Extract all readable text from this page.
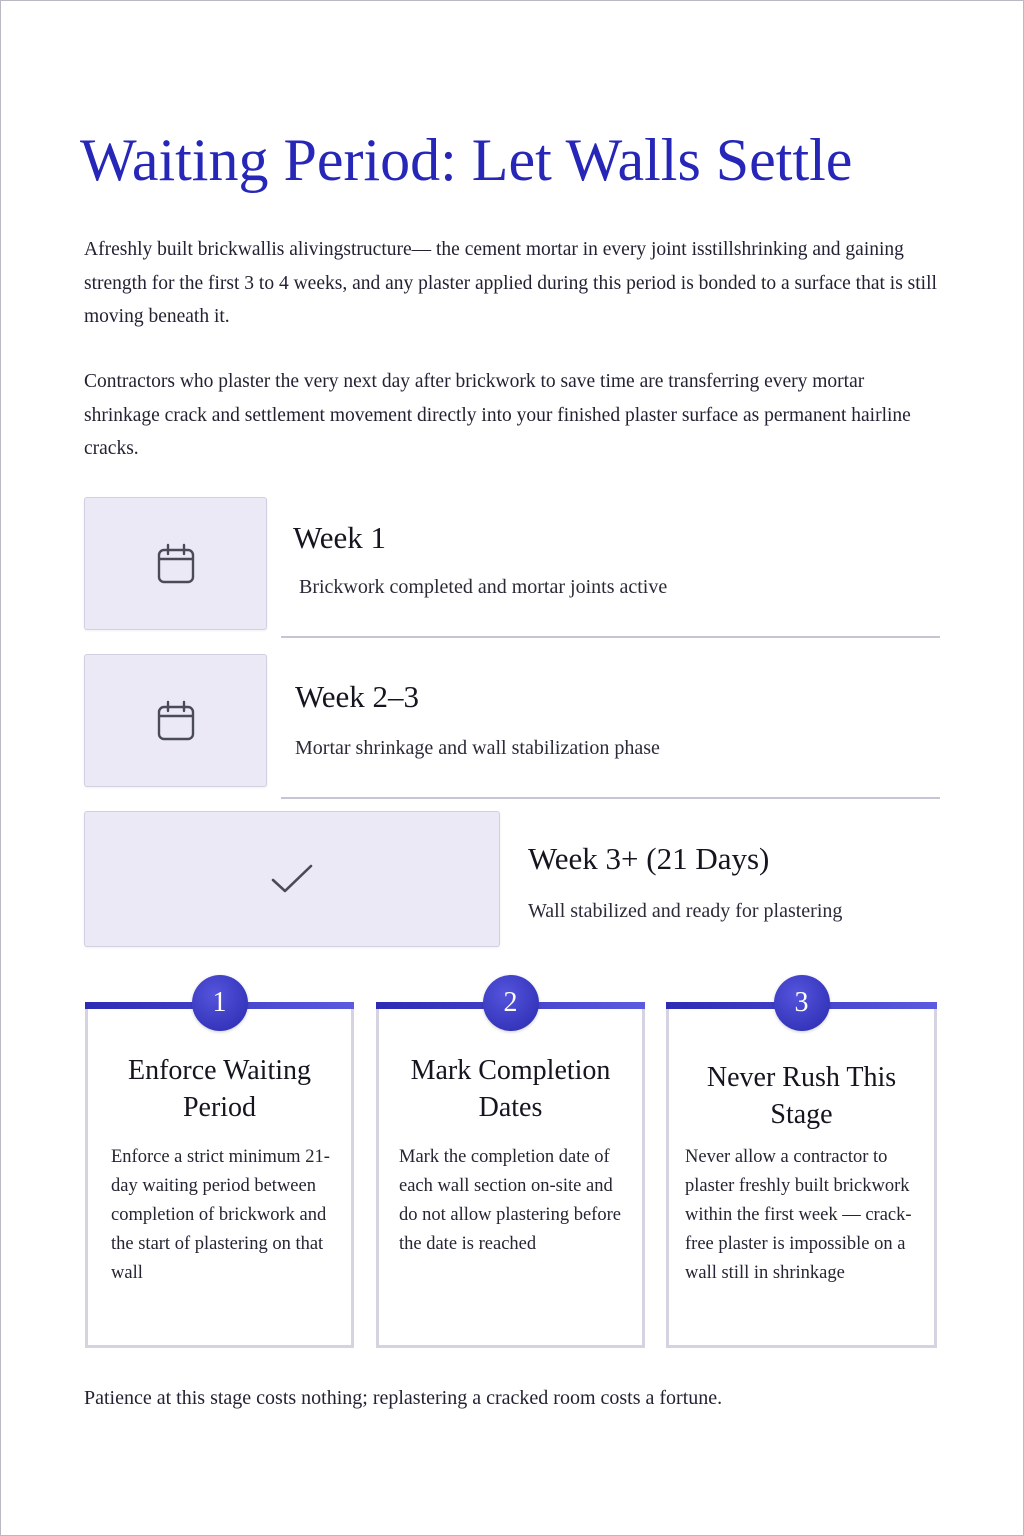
Waiting Period: Let Walls Settle

Afreshly built brickwallis alivingstructure— the cement mortar in every joint isstillshrinking and gaining strength for the first 3 to 4 weeks, and any plaster applied during this period is bonded to a surface that is still moving beneath it.

Contractors who plaster the very next day after brickwork to save time are transferring every mortar shrinkage crack and settlement movement directly into your finished plaster surface as permanent hairline cracks.

Week 1
Brickwork completed and mortar joints active
Week 2–3
Mortar shrinkage and wall stabilization phase
Week 3+ (21 Days)
Wall stabilized and ready for plastering
1
Enforce Waiting Period
Enforce a strict minimum 21-day waiting period between completion of brickwork and the start of plastering on that wall
2
Mark Completion Dates
Mark the completion date of each wall section on-site and do not allow plastering before the date is reached
3
Never Rush This Stage
Never allow a contractor to plaster freshly built brickwork within the first week — crack-free plaster is impossible on a wall still in shrinkage
Patience at this stage costs nothing; replastering a cracked room costs a fortune.
